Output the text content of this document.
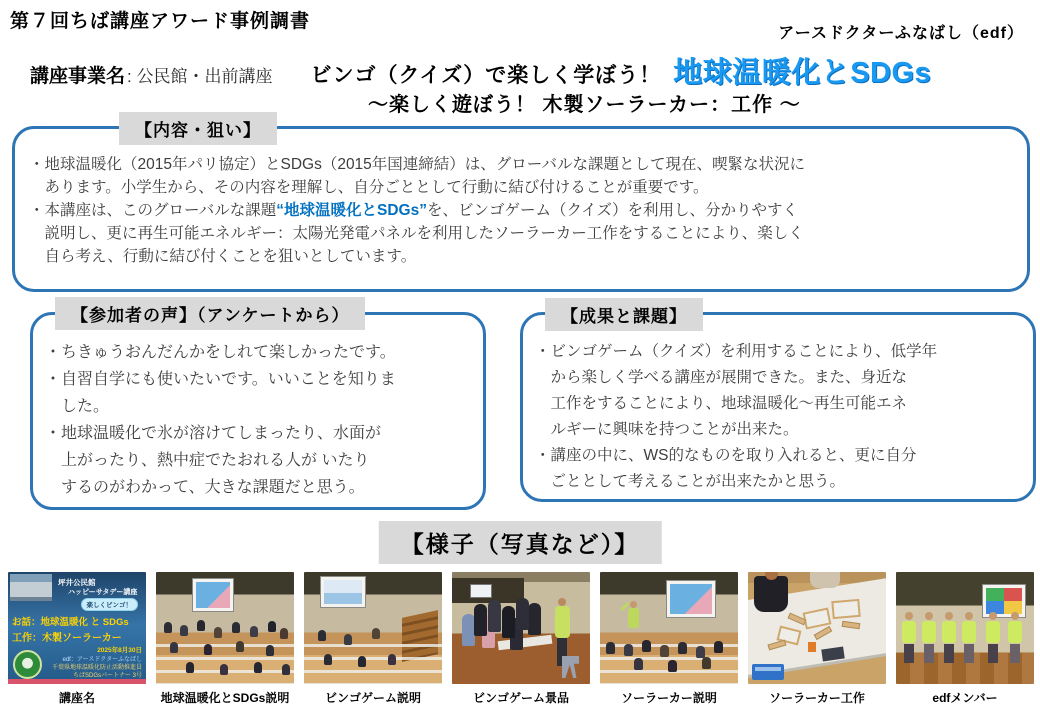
第７回ちば講座アワード事例調書
アースドクターふなばし（edf）
講座事業名 : 公民館・出前講座 ビンゴ（クイズ）で楽しく学ぼう！ 地球温暖化とSDGs
～楽しく遊ぼう！ 木製ソーラーカー：工作 ～
【内容・狙い】
・地球温暖化（2015年パリ協定）とSDGs（2015年国連締結）は、グローバルな課題として現在、喫緊な状況に
　あります。小学生から、その内容を理解し、自分ごととして行動に結び付けることが重要です。
・本講座は、このグローバルな課題“地球温暖化とSDGs”を、ビンゴゲーム（クイズ）を利用し、分かりやすく
　説明し、更に再生可能エネルギー：太陽光発電パネルを利用したソーラーカー工作をすることにより、楽しく
　自ら考え、行動に結び付くことを狙いとしています。
【参加者の声】（アンケートから）
・ちきゅうおんだんかをしれて楽しかったです。
・自習自学にも使いたいです。いいことを知りま
　した。
・地球温暖化で氷が溶けてしまったり、水面が
　上がったり、熱中症でたおれる人が いたり
　するのがわかって、大きな課題だと思う。
【成果と課題】
・ビンゴゲーム（クイズ）を利用することにより、低学年
　から楽しく学べる講座が展開できた。また、身近な
　工作をすることにより、地球温暖化～再生可能エネ
　ルギーに興味を持つことが出来た。
・講座の中に、WS的なものを取り入れると、更に自分
　ごととして考えることが出来たかと思う。
【様子（写真など）】
坪井公民館
ハッピーサタデー講座
楽しくビンゴ！
お話：地球温暖化 と SDGs
工作：木製ソーラーカー
2025年8月30日
edf：アースドクターふなばし
千葉県地球温暖化防止活動推進員
ちばSDGsパートナー 3号
講座名	地球温暖化とSDGs説明	ビンゴゲーム説明	ビンゴゲーム景品	ソーラーカー説明	ソーラーカー工作	edfメンバー
